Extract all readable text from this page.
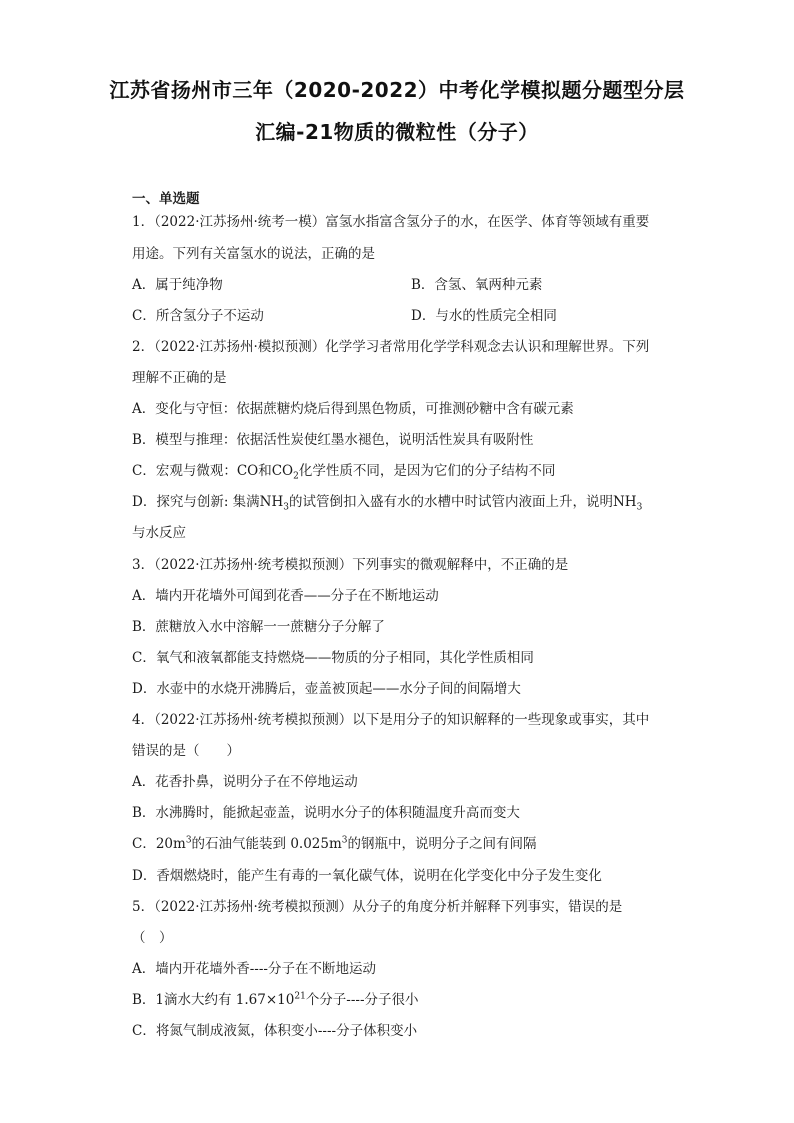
江苏省扬州市三年（2020-2022）中考化学模拟题分题型分层
汇编-21物质的微粒性（分子）
一、单选题
1．（2022·江苏扬州·统考一模）富氢水指富含氢分子的水，在医学、体育等领域有重要
用途。下列有关富氢水的说法，正确的是
A．属于纯净物	B．含氢、氧两种元素
C．所含氢分子不运动	D．与水的性质完全相同
2．（2022·江苏扬州·模拟预测）化学学习者常用化学学科观念去认识和理解世界。下列
理解不正确的是
A．变化与守恒：依据蔗糖灼烧后得到黑色物质，可推测砂糖中含有碳元素
B．模型与推理：依据活性炭使红墨水褪色，说明活性炭具有吸附性
C．宏观与微观：CO和$CO_2$化学性质不同，是因为它们的分子结构不同
D．探究与创新: 集满$NH_3$的试管倒扣入盛有水的水槽中时试管内液面上升，说明$NH_3$
与水反应
3．（2022·江苏扬州·统考模拟预测）下列事实的微观解释中，不正确的是
A．墙内开花墙外可闻到花香——分子在不断地运动
B．蔗糖放入水中溶解一一蔗糖分子分解了
C．氧气和液氧都能支持燃烧——物质的分子相同，其化学性质相同
D．水壶中的水烧开沸腾后，壶盖被顶起——水分子间的间隔增大
4．（2022·江苏扬州·统考模拟预测）以下是用分子的知识解释的一些现象或事实，其中
错误的是（　　）
A．花香扑鼻，说明分子在不停地运动
B．水沸腾时，能掀起壶盖，说明水分子的体积随温度升高而变大
C．$20m^3$的石油气能装到 $0.025m^3$的钢瓶中，说明分子之间有间隔
D．香烟燃烧时，能产生有毒的一氧化碳气体，说明在化学变化中分子发生变化
5．（2022·江苏扬州·统考模拟预测）从分子的角度分析并解释下列事实，错误的是
（　）
A．墙内开花墙外香----分子在不断地运动
B．1滴水大约有 $1.67\times 10^{21}$个分子----分子很小
C．将氮气制成液氮，体积变小----分子体积变小
